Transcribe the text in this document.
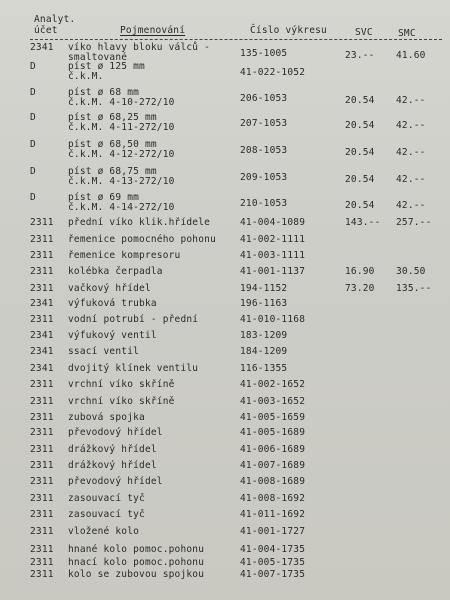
Analyt.
účet	Pojmenování	Číslo výkresu	SVC	SMC
2341 víko hlavy bloku válců -
smaltované	135-1005	23.-- 41.60
D	píst ø 125 mm
č.k.M.	41-022-1052
D	píst ø 68 mm
č.k.M. 4-10-272/10	206-1053	20.54 42.--
D	píst ø 68,25 mm
č.k.M. 4-11-272/10	207-1053	20.54 42.--
D	píst ø 68,50 mm
č.k.M. 4-12-272/10	208-1053	20.54 42.--
D	píst ø 68,75 mm
č.k.M. 4-13-272/10	209-1053	20.54 42.--
D	píst ø 69 mm
č.k.M. 4-14-272/10	210-1053	20.54 42.--
2311 přední víko klik.hřídele	41-004-1089	143.-- 257.--
2311 řemenice pomocného pohonu	41-002-1111
2311 řemenice kompresoru	41-003-1111
2311 kolébka čerpadla	41-001-1137	16.90 30.50
2311 vačkový hřídel	194-1152	73.20 135.--
2341 výfuková trubka	196-1163
2311 vodní potrubí - přední	41-010-1168
2341 výfukový ventil	183-1209
2341 ssací ventil	184-1209
2341 dvojitý klínek ventilu	116-1355
2311 vrchní víko skříně	41-002-1652
2311 vrchní víko skříně	41-003-1652
2311 zubová spojka	41-005-1659
2311 převodový hřídel	41-005-1689
2311 drážkový hřídel	41-006-1689
2311 drážkový hřídel	41-007-1689
2311 převodový hřídel	41-008-1689
2311 zasouvací tyč	41-008-1692
2311 zasouvací tyč	41-011-1692
2311 vložené kolo	41-001-1727
2311 hnané kolo pomoc.pohonu	41-004-1735
2311 hnací kolo pomoc.pohonu	41-005-1735
2311 kolo se zubovou spojkou	41-007-1735
